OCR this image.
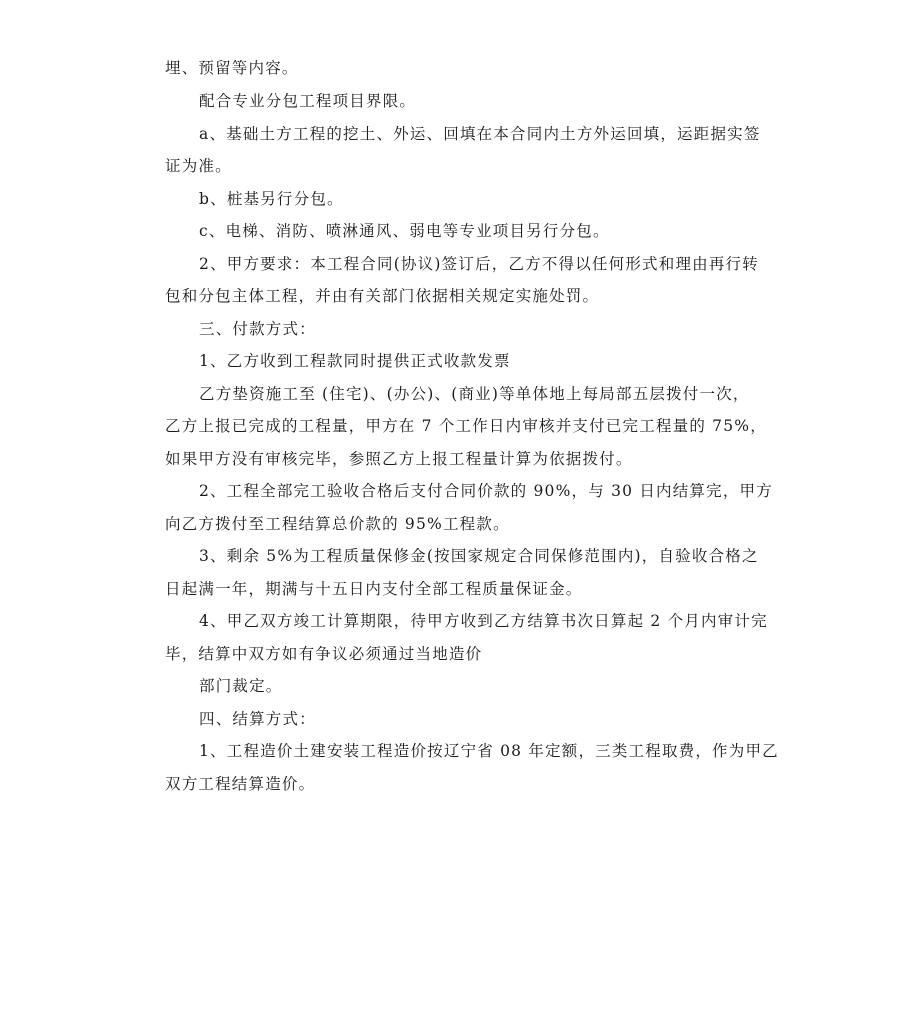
埋、预留等内容。
配合专业分包工程项目界限。
a、基础土方工程的挖土、外运、回填在本合同内土方外运回填，运距据实签
证为准。
b、桩基另行分包。
c、电梯、消防、喷淋通风、弱电等专业项目另行分包。
2、甲方要求：本工程合同(协议)签订后，乙方不得以任何形式和理由再行转
包和分包主体工程，并由有关部门依据相关规定实施处罚。
三、付款方式：
1、乙方收到工程款同时提供正式收款发票
乙方垫资施工至 (住宅)、(办公)、(商业)等单体地上每局部五层拨付一次，
乙方上报已完成的工程量，甲方在 7 个工作日内审核并支付已完工程量的 75%，
如果甲方没有审核完毕，参照乙方上报工程量计算为依据拨付。
2、工程全部完工验收合格后支付合同价款的 90%，与 30 日内结算完，甲方
向乙方拨付至工程结算总价款的 95%工程款。
3、剩余 5%为工程质量保修金(按国家规定合同保修范围内)，自验收合格之
日起满一年，期满与十五日内支付全部工程质量保证金。
4、甲乙双方竣工计算期限，待甲方收到乙方结算书次日算起 2 个月内审计完
毕，结算中双方如有争议必须通过当地造价
部门裁定。
四、结算方式：
1、工程造价土建安装工程造价按辽宁省 08 年定额，三类工程取费，作为甲乙
双方工程结算造价。
